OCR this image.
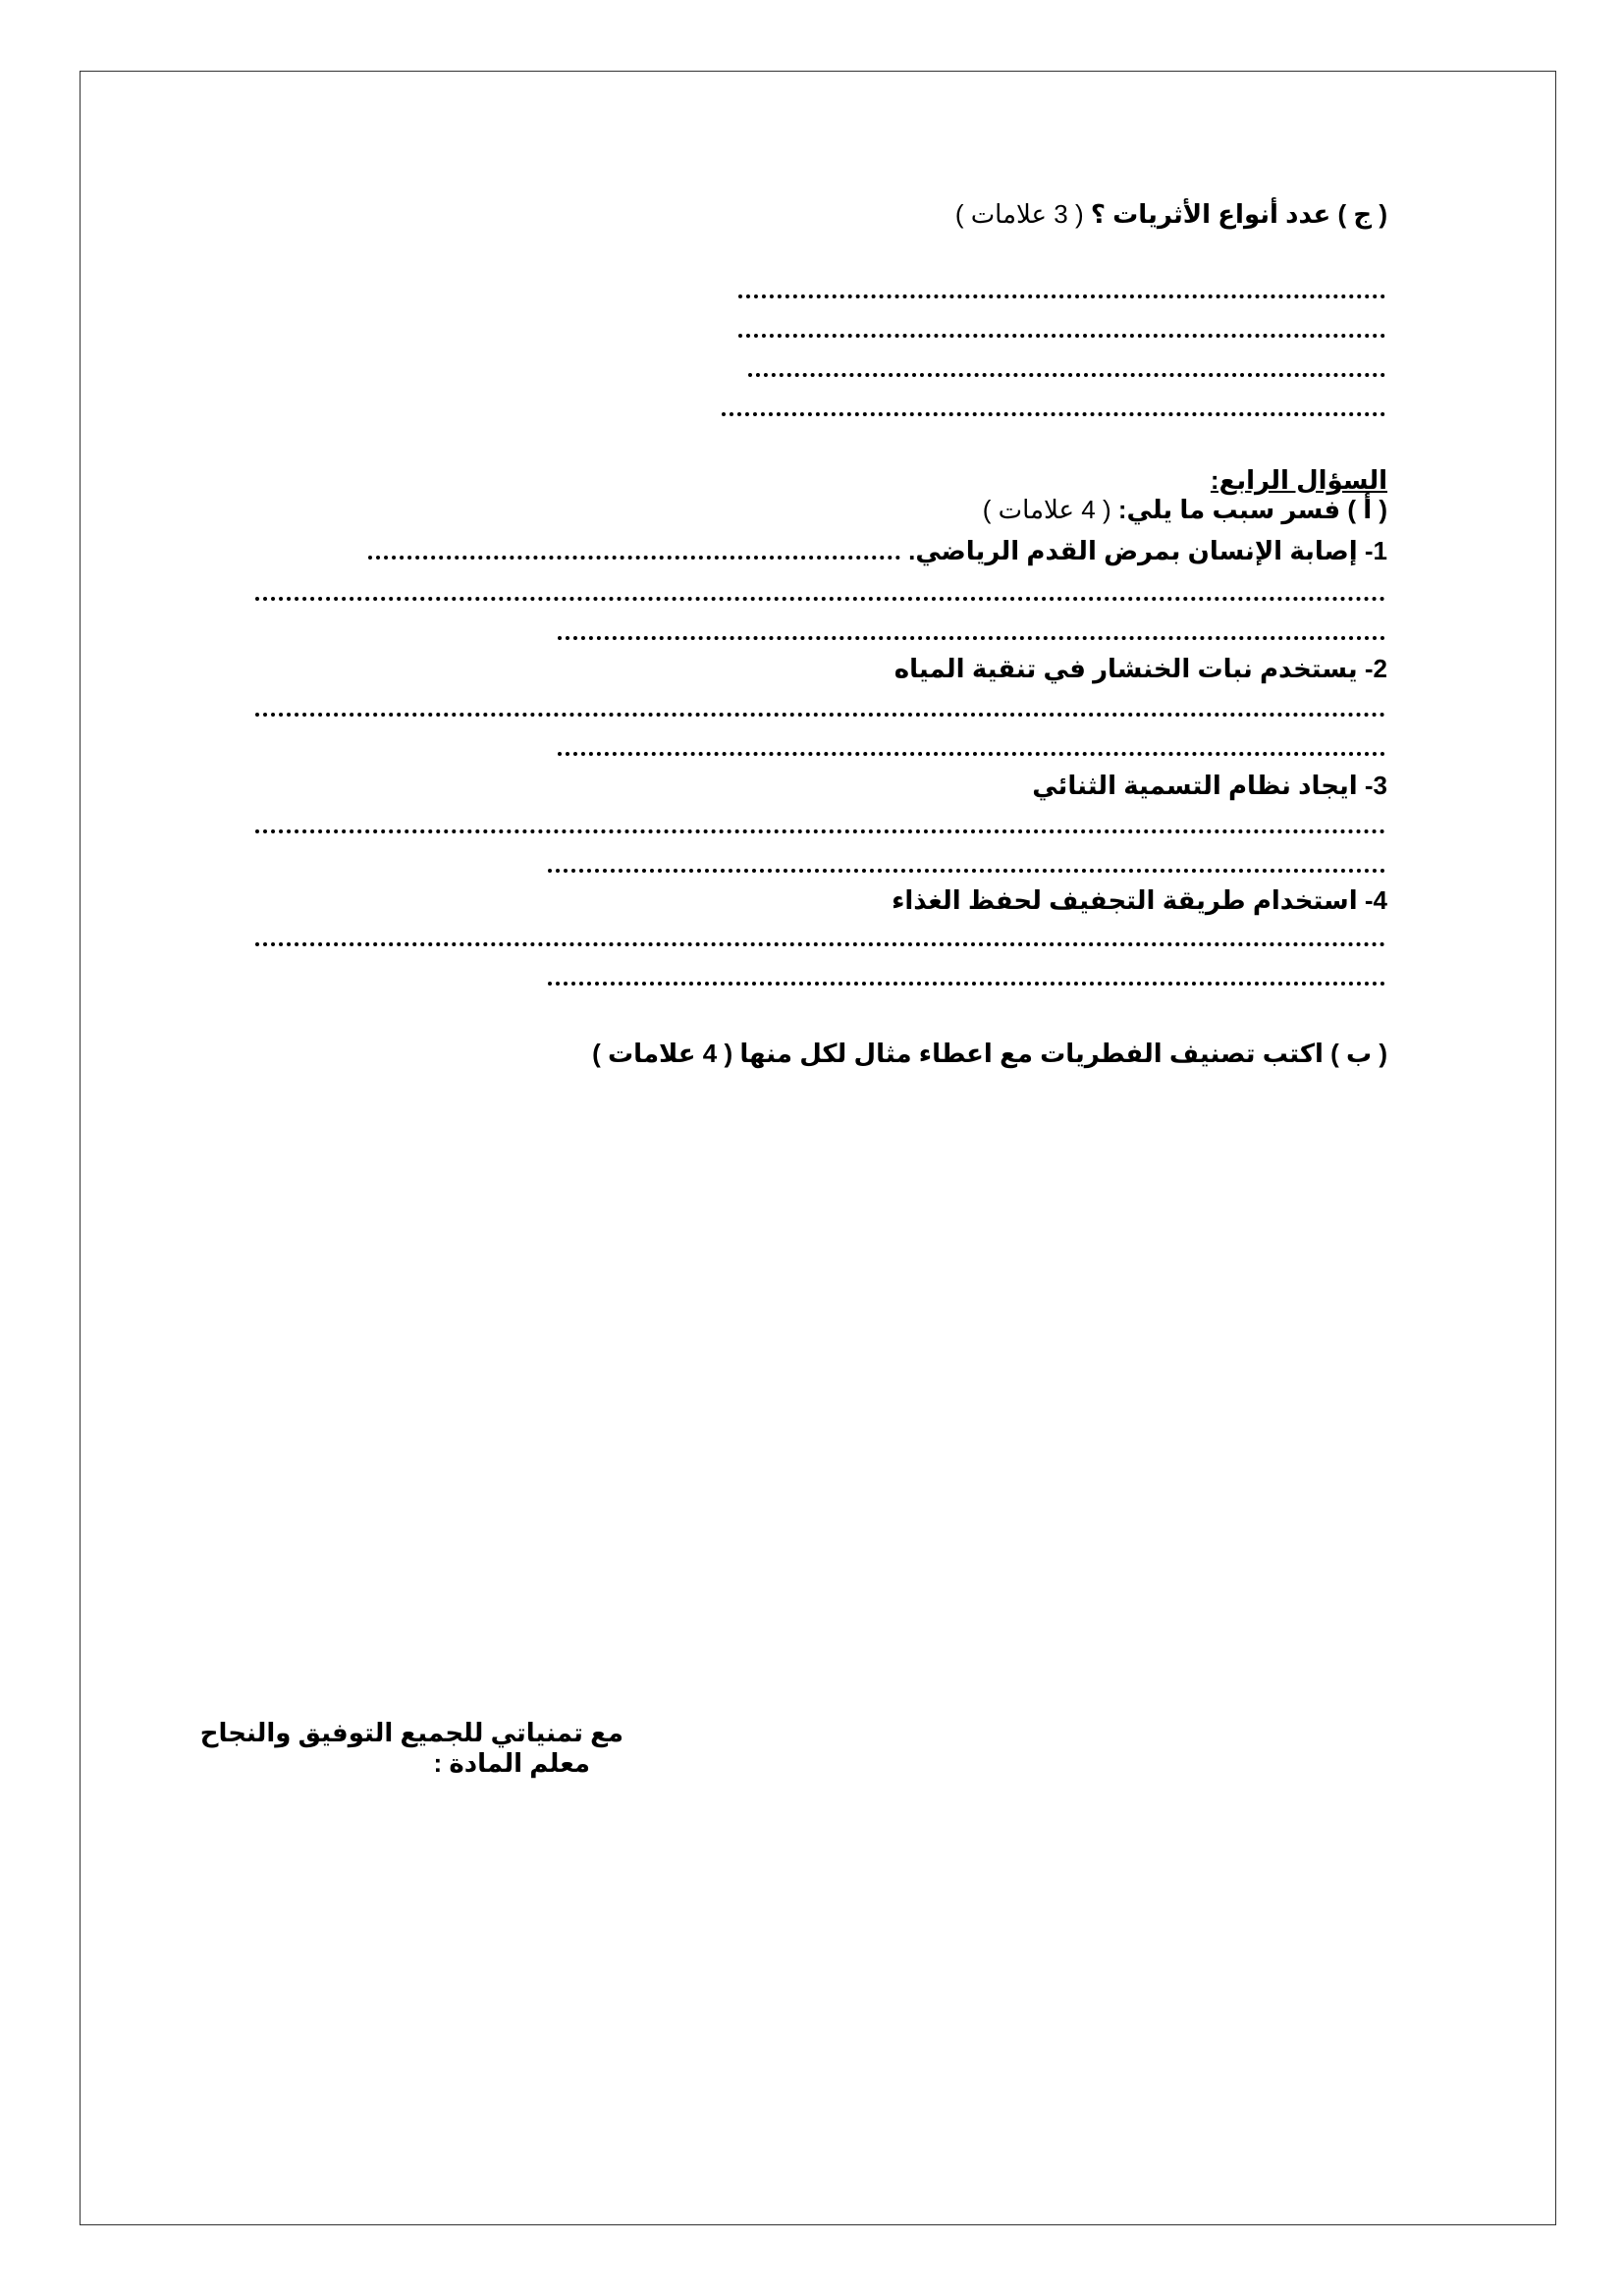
( ج ) عدد أنواع الأثريات ؟ ( 3 علامات )
السؤال الرابع:
( أ ) فسر سبب ما يلي: ( 4 علامات )
1- إصابة الإنسان بمرض القدم الرياضي.
2- يستخدم نبات الخنشار في تنقية المياه
3- ايجاد نظام التسمية الثنائي
4- استخدام طريقة التجفيف لحفظ الغذاء
( ب ) اكتب تصنيف الفطريات مع اعطاء مثال لكل منها ( 4 علامات )
مع تمنياتي للجميع التوفيق والنجاح
معلم المادة :
